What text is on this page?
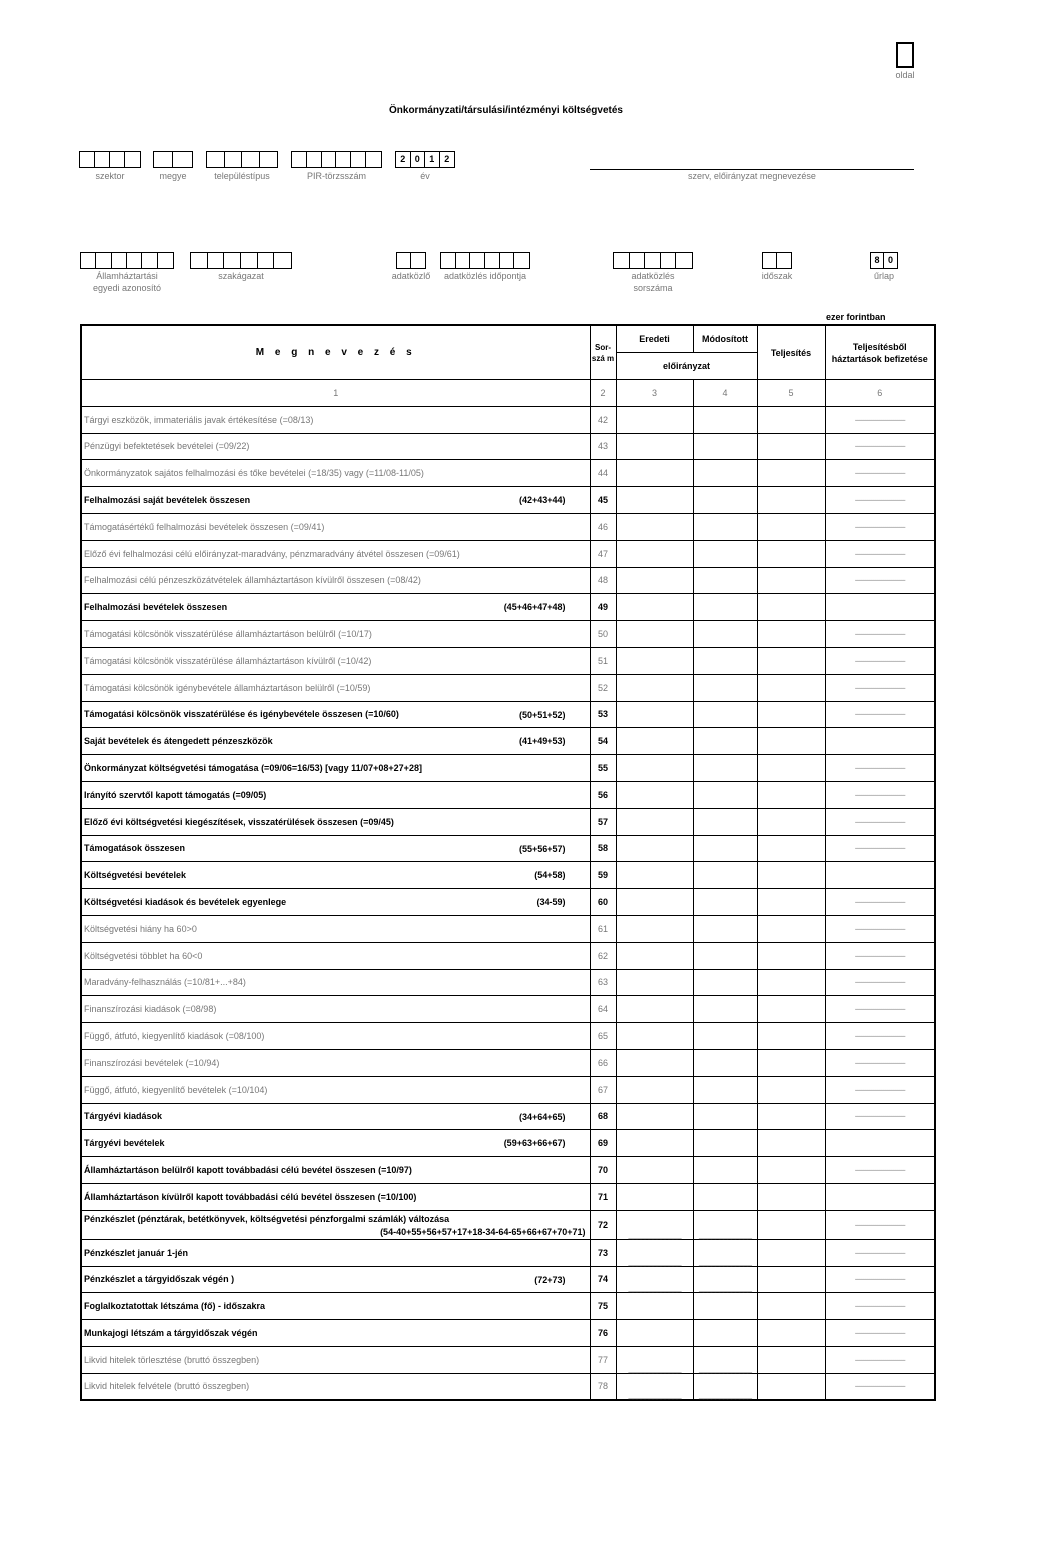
oldal
Önkormányzati/társulási/intézményi költségvetés
szektor	megye	településtípus	PIR-törzsszám
2	0	1	2
év	szerv, előirányzat megnevezése
Államháztartási
egyedi azonosító
szakágazat	adatközlő	adatközlés időpontja	adatközlés
sorszáma
időszak
8 0
űrlap
ezer forintban
M e g n e v e z é s	Sor-szá m	Eredeti	Módosított	Teljesítés	Teljesítésből háztartások befizetése
		előirányzat			
1	2	3	4	5	6
Tárgyi eszközök, immateriális javak értékesítése (=08/13)	42				-------------------------
Pénzügyi befektetések bevételei (=09/22)	43				-------------------------
Önkormányzatok sajátos felhalmozási és tőke bevételei (=18/35) vagy (=11/08-11/05)	44				-------------------------
Felhalmozási saját bevételek összesen (42+43+44)	45				-------------------------
Támogatásértékű felhalmozási bevételek összesen (=09/41)	46				-------------------------
Előző évi felhalmozási célú előirányzat-maradvány, pénzmaradvány átvétel összesen (=09/61)	47				-------------------------
Felhalmozási célú pénzeszközátvételek államháztartáson kívülről összesen (=08/42)	48				-------------------------
Felhalmozási bevételek összesen (45+46+47+48)	49				
Támogatási kölcsönök visszatérülése államháztartáson belülről (=10/17)	50				-------------------------
Támogatási kölcsönök visszatérülése államháztartáson kívülről (=10/42)	51				-------------------------
Támogatási kölcsönök igénybevétele államháztartáson belülről (=10/59)	52				-------------------------
Támogatási kölcsönök visszatérülése és igénybevétele összesen (=10/60) (50+51+52)	53				-------------------------
Saját bevételek és átengedett pénzeszközök (41+49+53)	54				
Önkormányzat költségvetési támogatása (=09/06=16/53) [vagy 11/07+08+27+28]	55				-------------------------
Irányító szervtől kapott támogatás (=09/05)	56				-------------------------
Előző évi költségvetési kiegészítések, visszatérülések összesen (=09/45)	57				-------------------------
Támogatások összesen (55+56+57)	58				-------------------------
Költségvetési bevételek (54+58)	59				
Költségvetési kiadások és bevételek egyenlege (34-59)	60				-------------------------
Költségvetési hiány ha 60>0	61				-------------------------
Költségvetési többlet ha 60<0	62				-------------------------
Maradvány-felhasználás (=10/81+...+84)	63				-------------------------
Finanszírozási kiadások (=08/98)	64				-------------------------
Függő, átfutó, kiegyenlítő kiadások (=08/100)	65				-------------------------
Finanszírozási bevételek (=10/94)	66				-------------------------
Függő, átfutó, kiegyenlítő bevételek (=10/104)	67				-------------------------
Tárgyévi kiadások (34+64+65)	68				-------------------------
Tárgyévi bevételek (59+63+66+67)	69				
Államháztartáson belülről kapott továbbadási célú bevétel összesen (=10/97)	70				-------------------------
Államháztartáson kívülről kapott továbbadási célú bevétel összesen (=10/100)	71				
Pénzkészlet (pénztárak, betétkönyvek, költségvetési pénzforgalmi számlák) változása
(54-40+55+56+57+17+18-34-64-65+66+67+70+71)	72	_____________	_____________		-------------------------
Pénzkészlet január 1-jén	73	_____________	_____________		-------------------------
Pénzkészlet a tárgyidőszak végén ) (72+73)	74	_____________	_____________		-------------------------
Foglalkoztatottak létszáma (fő) - időszakra	75				-------------------------
Munkajogi létszám a tárgyidőszak végén	76				-------------------------
Likvid hitelek törlesztése (bruttó összegben)	77	_____________	_____________		-------------------------
Likvid hitelek felvétele (bruttó összegben)	78	_____________	_____________		-------------------------
